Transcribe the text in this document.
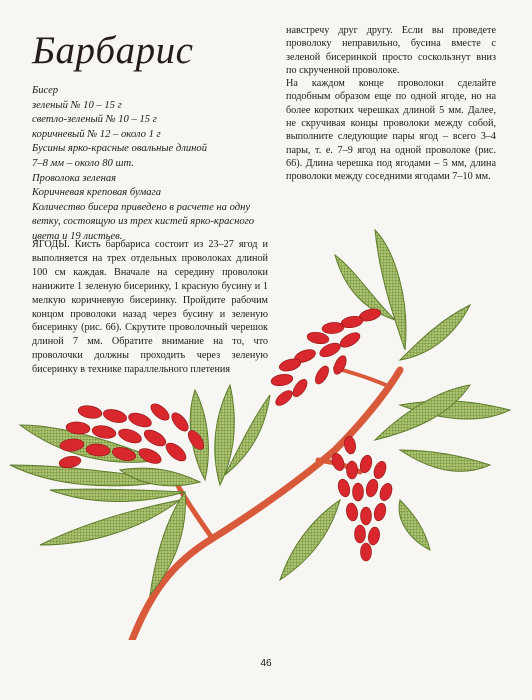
Барбарис
Бисер
зеленый № 10 – 15 г
светло-зеленый № 10 – 15 г
коричневый № 12 – около 1 г
Бусины ярко-красные овальные длиной
7–8 мм – около 80 шт.
Проволока зеленая
Коричневая креповая бумага
Количество бисера приведено в расчете на одну ветку, состоящую из трех кистей ярко-красного цвета и 19 листьев.

навстречу друг другу. Если вы проведете проволоку неправильно, бусина вместе с зеленой бисеринкой просто соскользнут вниз по скрученной проволоке.

На каждом конце проволоки сделайте подобным образом еще по одной ягоде, но на более коротких черешках длиной 5 мм. Далее, не скручивая концы проволоки между собой, выполните следующие пары ягод – всего 3–4 пары, т. е. 7–9 ягод на одной проволоке (рис. 66). Длина черешка под ягодами – 5 мм, длина проволоки между соседними ягодами 7–10 мм.

ЯГОДЫ. Кисть барбариса состоит из 23–27 ягод и выполняется на трех отдельных проволоках длиной 100 см каждая. Вначале на середину проволоки нанижите 1 зеленую бисеринку, 1 красную бусину и 1 мелкую коричневую бисеринку. Пройдите рабочим концом проволоки назад через бусину и зеленую бисеринку (рис. 66). Скрутите проволочный черешок длиной 7 мм. Обратите внимание на то, что проволочки должны проходить через зеленую бисеринку в технике параллельного плетения

46
